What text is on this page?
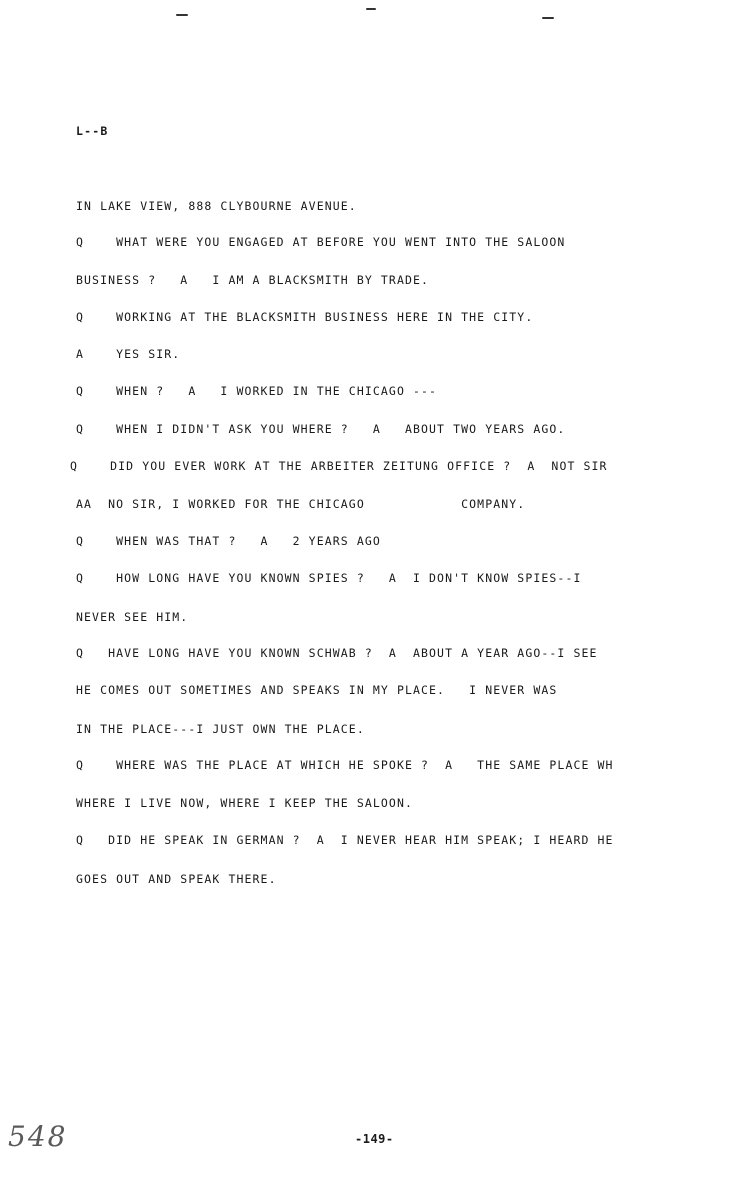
L--B
IN LAKE VIEW, 888 CLYBOURNE AVENUE.
Q    WHAT WERE YOU ENGAGED AT BEFORE YOU WENT INTO THE SALOON
BUSINESS ?   A   I AM A BLACKSMITH BY TRADE.
Q    WORKING AT THE BLACKSMITH BUSINESS HERE IN THE CITY.
A    YES SIR.
Q    WHEN ?   A   I WORKED IN THE CHICAGO ---
Q    WHEN I DIDN'T ASK YOU WHERE ?   A   ABOUT TWO YEARS AGO.
Q    DID YOU EVER WORK AT THE ARBEITER ZEITUNG OFFICE ?  A  NOT SIR
AA  NO SIR, I WORKED FOR THE CHICAGO            COMPANY.
Q    WHEN WAS THAT ?   A   2 YEARS AGO
Q    HOW LONG HAVE YOU KNOWN SPIES ?   A  I DON'T KNOW SPIES--I
NEVER SEE HIM.
Q   HAVE LONG HAVE YOU KNOWN SCHWAB ?  A  ABOUT A YEAR AGO--I SEE
HE COMES OUT SOMETIMES AND SPEAKS IN MY PLACE.   I NEVER WAS
IN THE PLACE---I JUST OWN THE PLACE.
Q    WHERE WAS THE PLACE AT WHICH HE SPOKE ?  A   THE SAME PLACE WH
WHERE I LIVE NOW, WHERE I KEEP THE SALOON.
Q   DID HE SPEAK IN GERMAN ?  A  I NEVER HEAR HIM SPEAK; I HEARD HE
GOES OUT AND SPEAK THERE.
548	-149-
